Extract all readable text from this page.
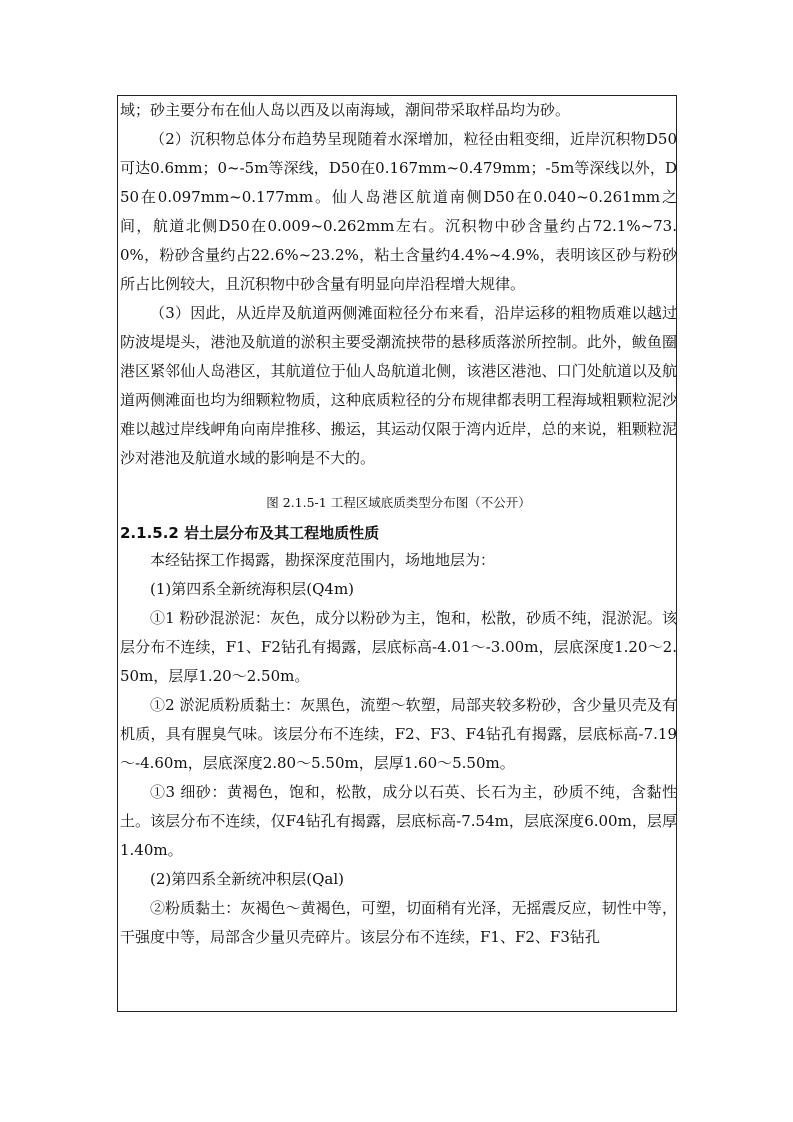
域；砂主要分布在仙人岛以西及以南海域，潮间带采取样品均为砂。

（2）沉积物总体分布趋势呈现随着水深增加，粒径由粗变细，近岸沉积物D50可达0.6mm；0~-5m等深线，D50在0.167mm~0.479mm；-5m等深线以外，D50在0.097mm~0.177mm。仙人岛港区航道南侧D50在0.040~0.261mm之间，航道北侧D50在0.009~0.262mm左右。沉积物中砂含量约占72.1%~73.0%，粉砂含量约占22.6%~23.2%，粘土含量约4.4%~4.9%，表明该区砂与粉砂所占比例较大，且沉积物中砂含量有明显向岸沿程增大规律。

（3）因此，从近岸及航道两侧滩面粒径分布来看，沿岸运移的粗物质难以越过防波堤堤头，港池及航道的淤积主要受潮流挟带的悬移质落淤所控制。此外，鲅鱼圈港区紧邻仙人岛港区，其航道位于仙人岛航道北侧，该港区港池、口门处航道以及航道两侧滩面也均为细颗粒物质，这种底质粒径的分布规律都表明工程海域粗颗粒泥沙难以越过岸线岬角向南岸推移、搬运，其运动仅限于湾内近岸，总的来说，粗颗粒泥沙对港池及航道水域的影响是不大的。

图 2.1.5-1 工程区域底质类型分布图（不公开）
2.1.5.2 岩土层分布及其工程地质性质

本经钻探工作揭露，勘探深度范围内，场地地层为：

(1)第四系全新统海积层(Q4m)

①1 粉砂混淤泥：灰色，成分以粉砂为主，饱和，松散，砂质不纯，混淤泥。该层分布不连续，F1、F2钻孔有揭露，层底标高-4.01～-3.00m，层底深度1.20～2.50m，层厚1.20～2.50m。

①2 淤泥质粉质黏土：灰黑色，流塑～软塑，局部夹较多粉砂，含少量贝壳及有机质，具有腥臭气味。该层分布不连续，F2、F3、F4钻孔有揭露，层底标高-7.19～-4.60m，层底深度2.80～5.50m，层厚1.60～5.50m。

①3 细砂：黄褐色，饱和，松散，成分以石英、长石为主，砂质不纯，含黏性土。该层分布不连续，仅F4钻孔有揭露，层底标高-7.54m，层底深度6.00m，层厚1.40m。

(2)第四系全新统冲积层(Qal)

②粉质黏土：灰褐色～黄褐色，可塑，切面稍有光泽，无摇震反应，韧性中等，干强度中等，局部含少量贝壳碎片。该层分布不连续，F1、F2、F3钻孔
